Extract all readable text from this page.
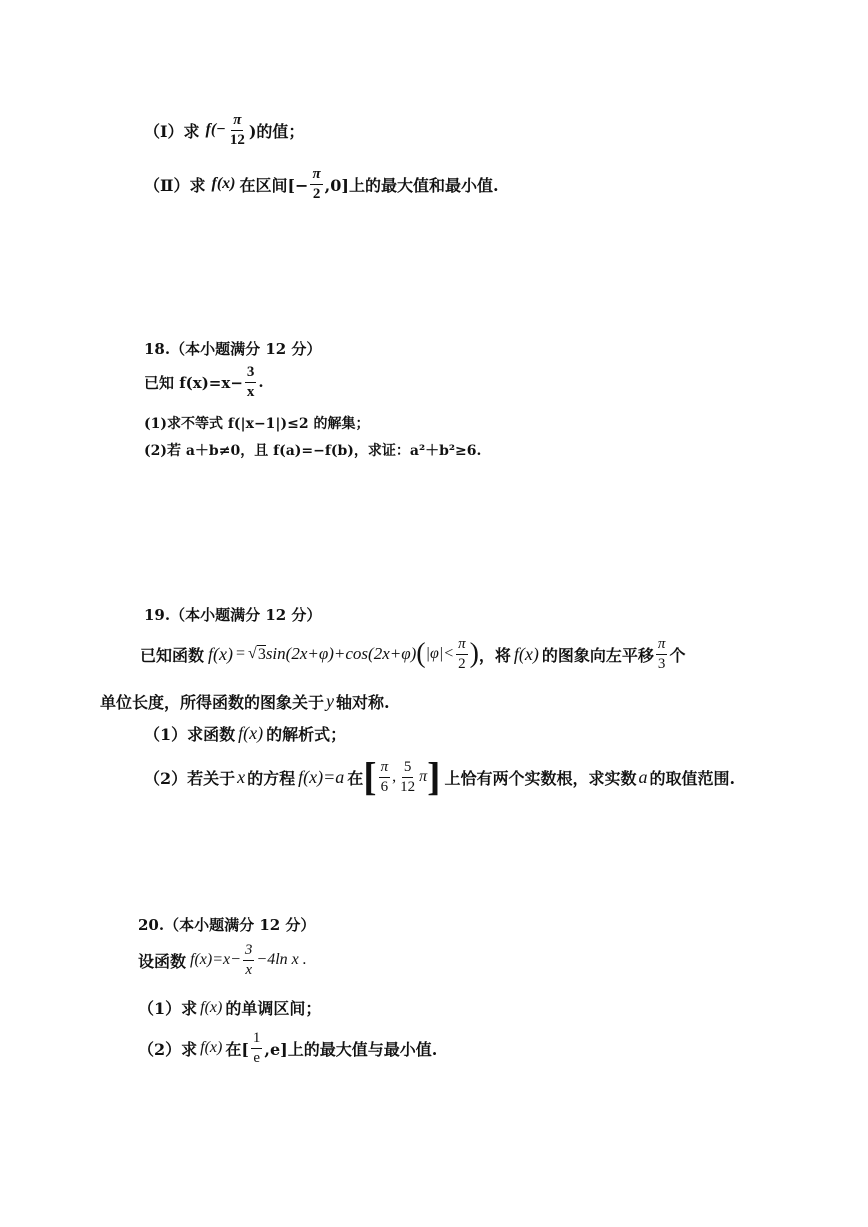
（Ⅰ）求 $f(- \frac{\pi}{12}$ )的值；
（Ⅱ）求 f(x) 在区间[− $\frac{\pi}{2} ,0$]上的最大值和最小值.
18.（本小题满分 12 分）
已知 $f(x)=x- \frac{3}{x}$ .
(1)求不等式 f(|x−1|)≤2 的解集；
(2)若 a＋b≠0，且 f(a)=−f(b)，求证：a²＋b²≥6.
19.（本小题满分 12 分）
已知函数 f(x) = √ 3 sin(2x+φ)+cos(2x+φ) ( $|\varphi|< \frac{\pi}{2}$ ) ，将 f(x) 的图象向左平移 $\frac{\pi}{3}$ 个
单位长度，所得函数的图象关于 y 轴对称.
（1）求函数 f(x) 的解析式；
（2）若关于 x 的方程 f(x)=a 在 [ $\frac{\pi}{6}$ , $\frac{5}{12}$ π ] 上恰有两个实数根，求实数 a 的取值范围.
20.（本小题满分 12 分）
设函数 $f(x)=x- \frac{3}{x} -4\ln$ x .
（1）求 f(x) 的单调区间；
（2）求 f(x) 在[ $\frac{1}{e} ,e$]上的最大值与最小值.
